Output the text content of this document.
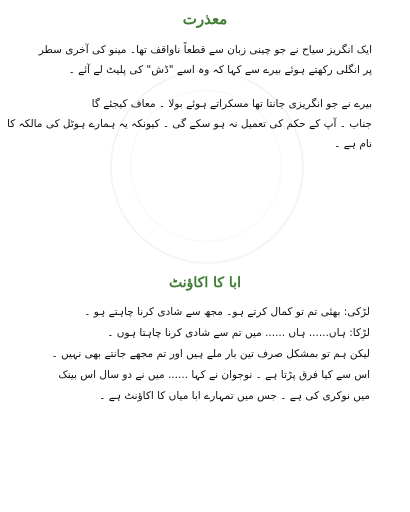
معذرت
ایک انگریز سیاح نے جو چینی زبان سے قطعاً ناواقف تھا۔ مینو کی آخری سطر
پر انگلی رکھتے ہوئے بیرے سے کہا کہ وہ اسے "ڈش" کی پلیٹ لے آئے ۔
بیرے نے جو انگریزی جانتا تھا مسکراتے ہوئے بولا ۔ معاف کیجئے گا
جناب ۔ آپ کے حکم کی تعمیل نہ ہو سکے گی ۔ کیونکہ یہ ہمارے ہوٹل کی مالکہ کا
نام ہے ۔
ابا کا اکاؤنٹ
لڑکی: بھئی تم تو کمال کرتے ہو۔ مجھ سے شادی کرنا چاہتے ہو ۔
لڑکا: ہاں...... ہاں ...... میں تم سے شادی کرنا چاہتا ہوں ۔
لیکن ہم تو بمشکل صرف تین بار ملے ہیں اور تم مجھے جانتے بھی نہیں ۔
اس سے کیا فرق پڑتا ہے ۔ نوجوان نے کہا ...... میں نے دو سال اس بینک
میں نوکری کی ہے ۔ جس میں تمہارے ابا میاں کا اکاؤنٹ ہے ۔
